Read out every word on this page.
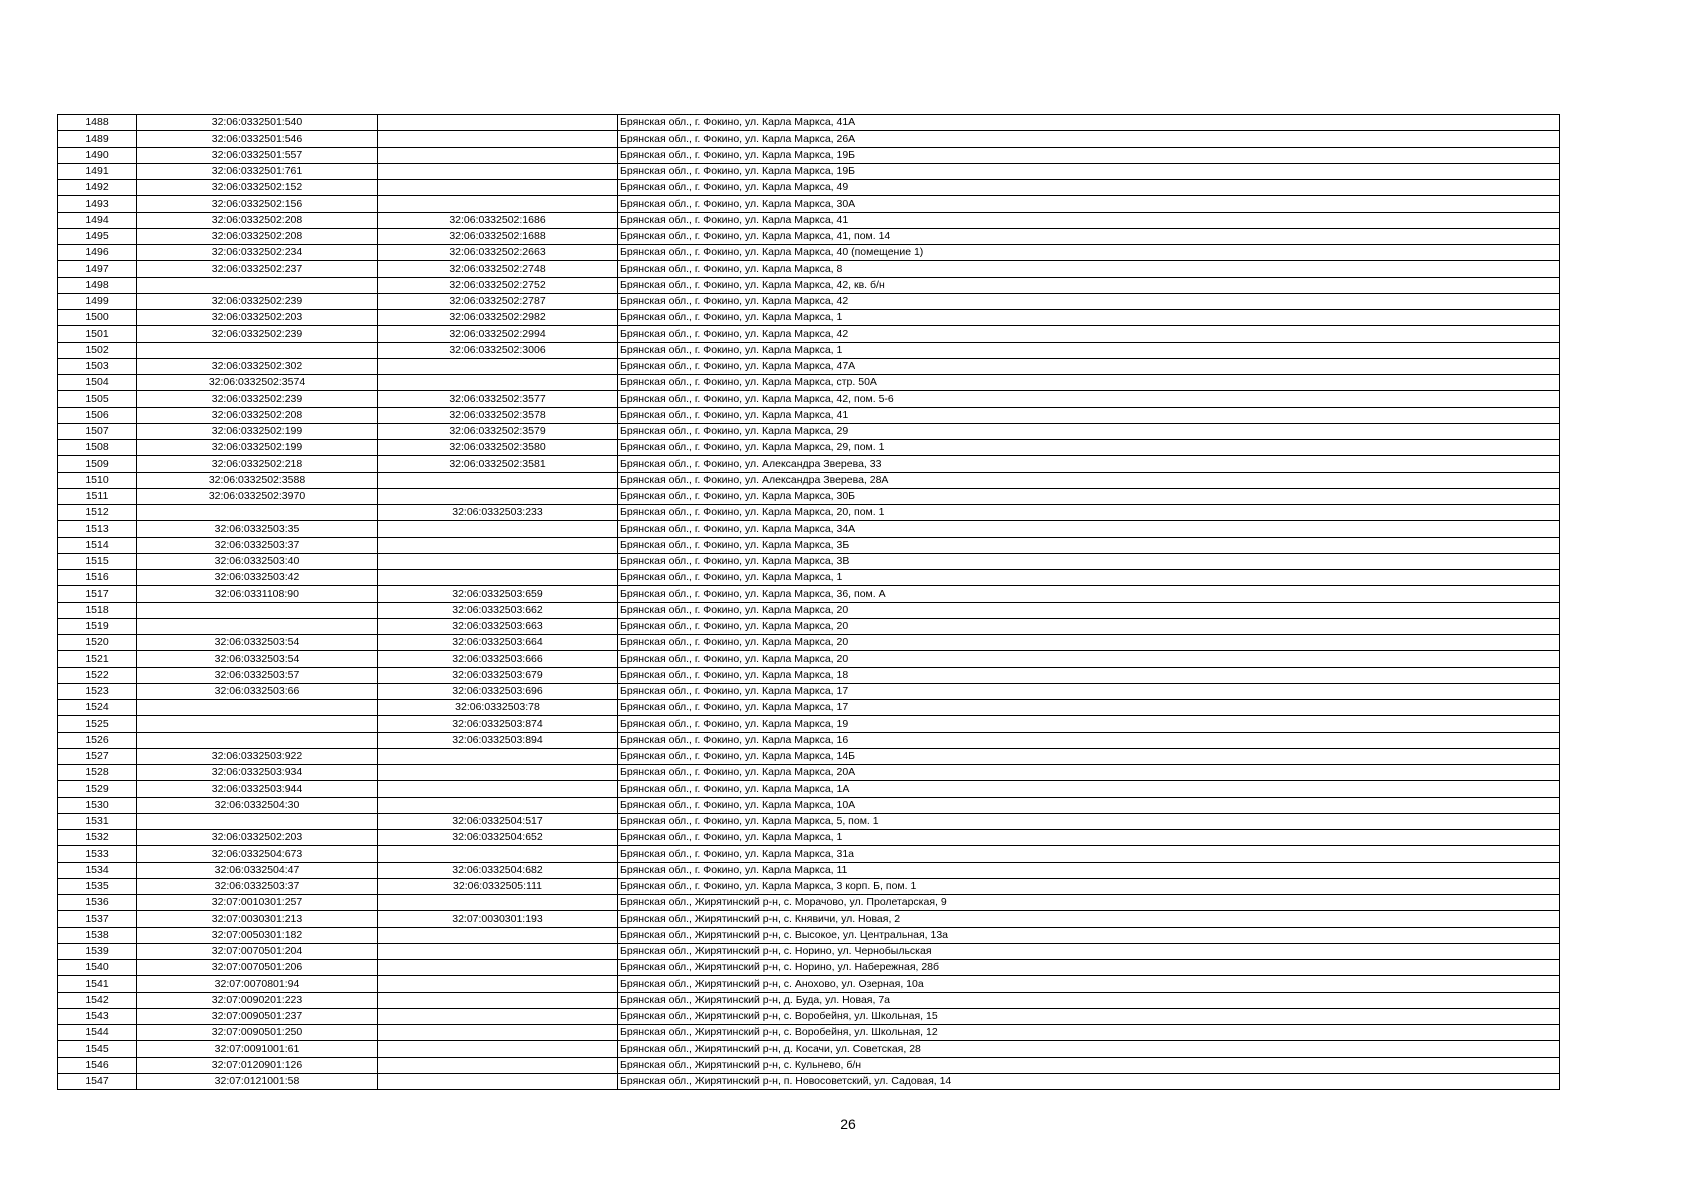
1488	32:06:0332501:540		Брянская обл., г. Фокино, ул. Карла Маркса, 41А
1489	32:06:0332501:546		Брянская обл., г. Фокино, ул. Карла Маркса, 26А
1490	32:06:0332501:557		Брянская обл., г. Фокино, ул. Карла Маркса, 19Б
1491	32:06:0332501:761		Брянская обл., г. Фокино, ул. Карла Маркса, 19Б
1492	32:06:0332502:152		Брянская обл., г. Фокино, ул. Карла Маркса, 49
1493	32:06:0332502:156		Брянская обл., г. Фокино, ул. Карла Маркса, 30А
1494	32:06:0332502:208	32:06:0332502:1686	Брянская обл., г. Фокино, ул. Карла Маркса, 41
1495	32:06:0332502:208	32:06:0332502:1688	Брянская обл., г. Фокино, ул. Карла Маркса, 41, пом. 14
1496	32:06:0332502:234	32:06:0332502:2663	Брянская обл., г. Фокино, ул. Карла Маркса, 40 (помещение 1)
1497	32:06:0332502:237	32:06:0332502:2748	Брянская обл., г. Фокино, ул. Карла Маркса, 8
1498		32:06:0332502:2752	Брянская обл., г. Фокино, ул. Карла Маркса, 42, кв. б/н
1499	32:06:0332502:239	32:06:0332502:2787	Брянская обл., г. Фокино, ул. Карла Маркса, 42
1500	32:06:0332502:203	32:06:0332502:2982	Брянская обл., г. Фокино, ул. Карла Маркса, 1
1501	32:06:0332502:239	32:06:0332502:2994	Брянская обл., г. Фокино, ул. Карла Маркса, 42
1502		32:06:0332502:3006	Брянская обл., г. Фокино, ул. Карла Маркса, 1
1503	32:06:0332502:302		Брянская обл., г. Фокино, ул. Карла Маркса, 47А
1504	32:06:0332502:3574		Брянская обл., г. Фокино, ул. Карла Маркса, стр. 50А
1505	32:06:0332502:239	32:06:0332502:3577	Брянская обл., г. Фокино, ул. Карла Маркса, 42, пом. 5-6
1506	32:06:0332502:208	32:06:0332502:3578	Брянская обл., г. Фокино, ул. Карла Маркса, 41
1507	32:06:0332502:199	32:06:0332502:3579	Брянская обл., г. Фокино, ул. Карла Маркса, 29
1508	32:06:0332502:199	32:06:0332502:3580	Брянская обл., г. Фокино, ул. Карла Маркса, 29, пом. 1
1509	32:06:0332502:218	32:06:0332502:3581	Брянская обл., г. Фокино, ул. Александра Зверева, 33
1510	32:06:0332502:3588		Брянская обл., г. Фокино, ул. Александра Зверева, 28А
1511	32:06:0332502:3970		Брянская обл., г. Фокино, ул. Карла Маркса, 30Б
1512		32:06:0332503:233	Брянская обл., г. Фокино, ул. Карла Маркса, 20, пом. 1
1513	32:06:0332503:35		Брянская обл., г. Фокино, ул. Карла Маркса, 34А
1514	32:06:0332503:37		Брянская обл., г. Фокино, ул. Карла Маркса, 3Б
1515	32:06:0332503:40		Брянская обл., г. Фокино, ул. Карла Маркса, 3В
1516	32:06:0332503:42		Брянская обл., г. Фокино, ул. Карла Маркса, 1
1517	32:06:0331108:90	32:06:0332503:659	Брянская обл., г. Фокино, ул. Карла Маркса, 36, пом. А
1518		32:06:0332503:662	Брянская обл., г. Фокино, ул. Карла Маркса, 20
1519		32:06:0332503:663	Брянская обл., г. Фокино, ул. Карла Маркса, 20
1520	32:06:0332503:54	32:06:0332503:664	Брянская обл., г. Фокино, ул. Карла Маркса, 20
1521	32:06:0332503:54	32:06:0332503:666	Брянская обл., г. Фокино, ул. Карла Маркса, 20
1522	32:06:0332503:57	32:06:0332503:679	Брянская обл., г. Фокино, ул. Карла Маркса, 18
1523	32:06:0332503:66	32:06:0332503:696	Брянская обл., г. Фокино, ул. Карла Маркса, 17
1524		32:06:0332503:78	Брянская обл., г. Фокино, ул. Карла Маркса, 17
1525		32:06:0332503:874	Брянская обл., г. Фокино, ул. Карла Маркса, 19
1526		32:06:0332503:894	Брянская обл., г. Фокино, ул. Карла Маркса, 16
1527	32:06:0332503:922		Брянская обл., г. Фокино, ул. Карла Маркса, 14Б
1528	32:06:0332503:934		Брянская обл., г. Фокино, ул. Карла Маркса, 20А
1529	32:06:0332503:944		Брянская обл., г. Фокино, ул. Карла Маркса, 1А
1530	32:06:0332504:30		Брянская обл., г. Фокино, ул. Карла Маркса, 10А
1531		32:06:0332504:517	Брянская обл., г. Фокино, ул. Карла Маркса, 5, пом. 1
1532	32:06:0332502:203	32:06:0332504:652	Брянская обл., г. Фокино, ул. Карла Маркса, 1
1533	32:06:0332504:673		Брянская обл., г. Фокино, ул. Карла Маркса, 31а
1534	32:06:0332504:47	32:06:0332504:682	Брянская обл., г. Фокино, ул. Карла Маркса, 11
1535	32:06:0332503:37	32:06:0332505:111	Брянская обл., г. Фокино, ул. Карла Маркса, 3 корп. Б, пом. 1
1536	32:07:0010301:257		Брянская обл., Жирятинский р-н, с. Морачово, ул. Пролетарская, 9
1537	32:07:0030301:213	32:07:0030301:193	Брянская обл., Жирятинский р-н, с. Княвичи, ул. Новая, 2
1538	32:07:0050301:182		Брянская обл., Жирятинский р-н, с. Высокое, ул. Центральная, 13а
1539	32:07:0070501:204		Брянская обл., Жирятинский р-н, с. Норино, ул. Чернобыльская
1540	32:07:0070501:206		Брянская обл., Жирятинский р-н, с. Норино, ул. Набережная, 28б
1541	32:07:0070801:94		Брянская обл., Жирятинский р-н, с. Анохово, ул. Озерная, 10а
1542	32:07:0090201:223		Брянская обл., Жирятинский р-н, д. Буда, ул. Новая, 7а
1543	32:07:0090501:237		Брянская обл., Жирятинский р-н, с. Воробейня, ул. Школьная, 15
1544	32:07:0090501:250		Брянская обл., Жирятинский р-н, с. Воробейня, ул. Школьная, 12
1545	32:07:0091001:61		Брянская обл., Жирятинский р-н, д. Косачи, ул. Советская, 28
1546	32:07:0120901:126		Брянская обл., Жирятинский р-н, с. Кульнево, б/н
1547	32:07:0121001:58		Брянская обл., Жирятинский р-н, п. Новосоветский, ул. Садовая, 14
26
